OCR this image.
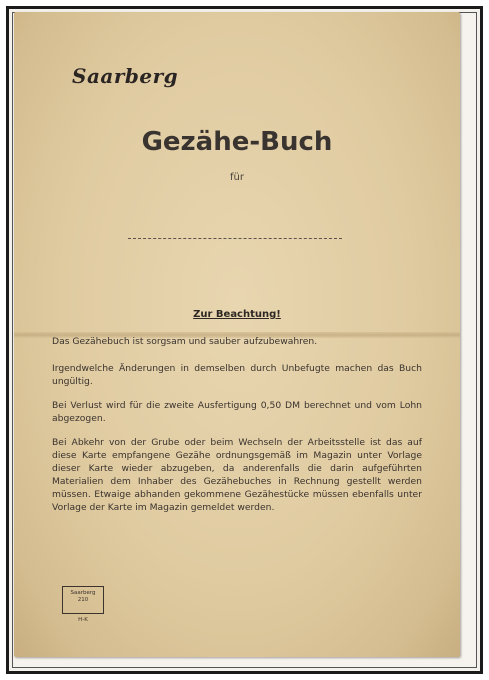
Saarberg
Gezähe-Buch
für
Zur Beachtung!

Das Gezähebuch ist sorgsam und sauber aufzubewahren.

Irgendwelche Änderungen in demselben durch Unbefugte machen das Buch ungültig.

Bei Verlust wird für die zweite Ausfertigung 0,50 DM berechnet und vom Lohn abgezogen.

Bei Abkehr von der Grube oder beim Wechseln der Arbeitsstelle ist das auf diese Karte empfangene Gezähe ordnungsgemäß im Magazin unter Vorlage dieser Karte wieder abzugeben, da anderenfalls die darin aufgeführten Materialien dem Inhaber des Gezähebuches in Rechnung gestellt werden müssen. Etwaige abhanden gekommene Gezähestücke müssen ebenfalls unter Vorlage der Karte im Magazin gemeldet werden.

Saarberg
210
H-K
